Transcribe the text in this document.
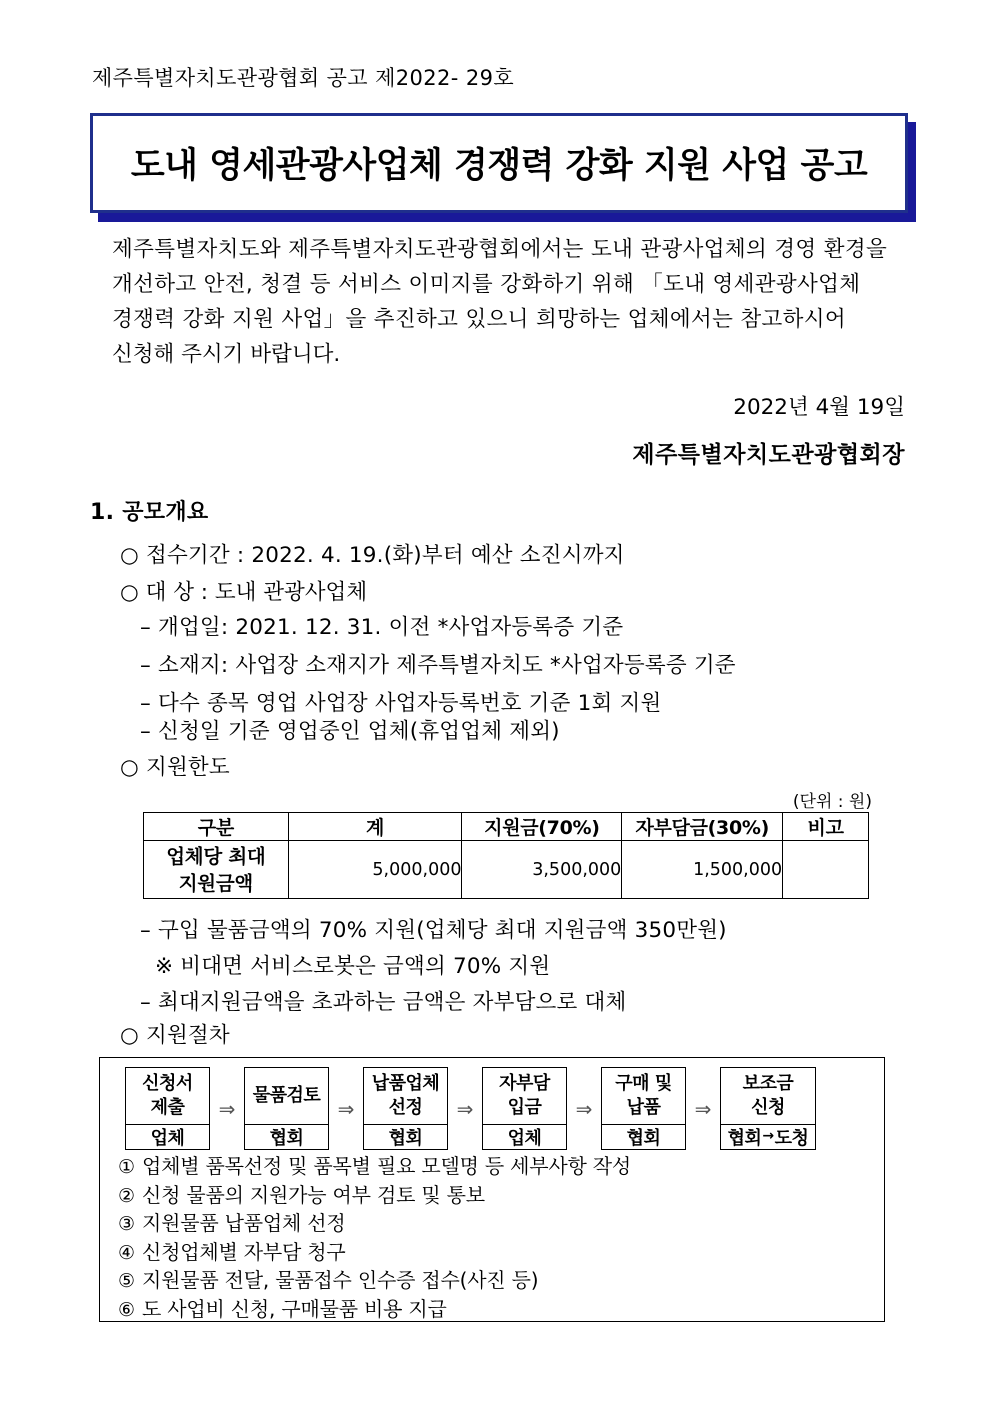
제주특별자치도관광협회 공고 제2022- 29호
도내 영세관광사업체 경쟁력 강화 지원 사업 공고
제주특별자치도와 제주특별자치도관광협회에서는 도내 관광사업체의 경영 환경을
개선하고 안전, 청결 등 서비스 이미지를 강화하기 위해 「도내 영세관광사업체
경쟁력 강화 지원 사업」을 추진하고 있으니 희망하는 업체에서는 참고하시어
신청해 주시기 바랍니다.
2022년 4월 19일
제주특별자치도관광협회장
1. 공모개요
○ 접수기간 : 2022. 4. 19.(화)부터 예산 소진시까지
○ 대 상 : 도내 관광사업체
– 개업일: 2021. 12. 31. 이전 *사업자등록증 기준
– 소재지: 사업장 소재지가 제주특별자치도 *사업자등록증 기준
– 다수 종목 영업 사업장 사업자등록번호 기준 1회 지원
– 신청일 기준 영업중인 업체(휴업업체 제외)
○ 지원한도
(단위 : 원)
구분	계	지원금(70%)	자부담금(30%)	비고

업체당 최대
지원금액	5,000,000	3,500,000	1,500,000	
– 구입 물품금액의 70% 지원(업체당 최대 지원금액 350만원)
※ 비대면 서비스로봇은 금액의 70% 지원
– 최대지원금액을 초과하는 금액은 자부담으로 대체
○ 지원절차
신청서
제출
업체
⇒
물품검토
협회
⇒
납품업체
선정
협회
⇒
자부담
입금
업체
⇒
구매 및
납품
협회
⇒
보조금
신청
협회 → 도청
① 업체별 품목선정 및 품목별 필요 모델명 등 세부사항 작성
② 신청 물품의 지원가능 여부 검토 및 통보
③ 지원물품 납품업체 선정
④ 신청업체별 자부담 청구
⑤ 지원물품 전달, 물품접수 인수증 접수(사진 등)
⑥ 도 사업비 신청, 구매물품 비용 지급
